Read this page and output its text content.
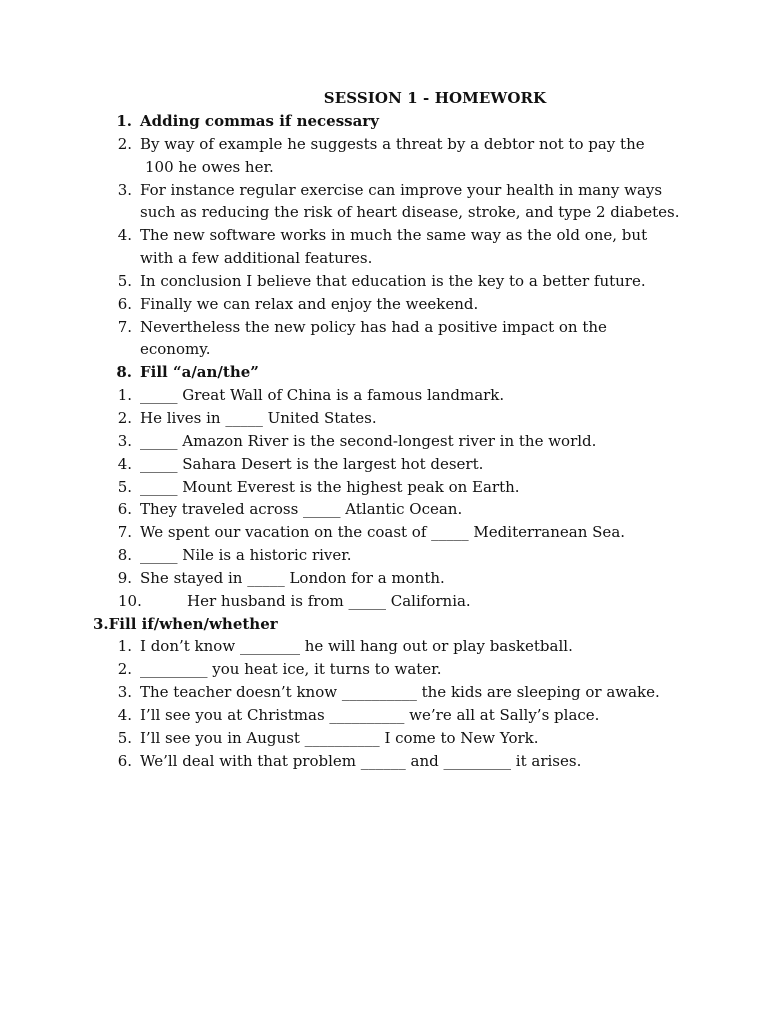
SESSION 1 - HOMEWORK
1. Adding commas if necessary
2. By way of example he suggests a threat by a debtor not to pay the
100 he owes her.
3. For instance regular exercise can improve your health in many ways
such as reducing the risk of heart disease, stroke, and type 2 diabetes.
4. The new software works in much the same way as the old one, but
with a few additional features.
5. In conclusion I believe that education is the key to a better future.
6. Finally we can relax and enjoy the weekend.
7. Nevertheless the new policy has had a positive impact on the
economy.
8. Fill “a/an/the”
1. _____ Great Wall of China is a famous landmark.
2. He lives in _____ United States.
3. _____ Amazon River is the second-longest river in the world.
4. _____ Sahara Desert is the largest hot desert.
5. _____ Mount Everest is the highest peak on Earth.
6. They traveled across _____ Atlantic Ocean.
7. We spent our vacation on the coast of _____ Mediterranean Sea.
8. _____ Nile is a historic river.
9. She stayed in _____ London for a month.
10.	Her husband is from _____ California.
3.Fill if/when/whether
1. I don’t know ________ he will hang out or play basketball.
2. _________ you heat ice, it turns to water.
3. The teacher doesn’t know __________ the kids are sleeping or awake.
4. I’ll see you at Christmas __________ we’re all at Sally’s place.
5. I’ll see you in August __________ I come to New York.
6. We’ll deal with that problem ______ and _________ it arises.
